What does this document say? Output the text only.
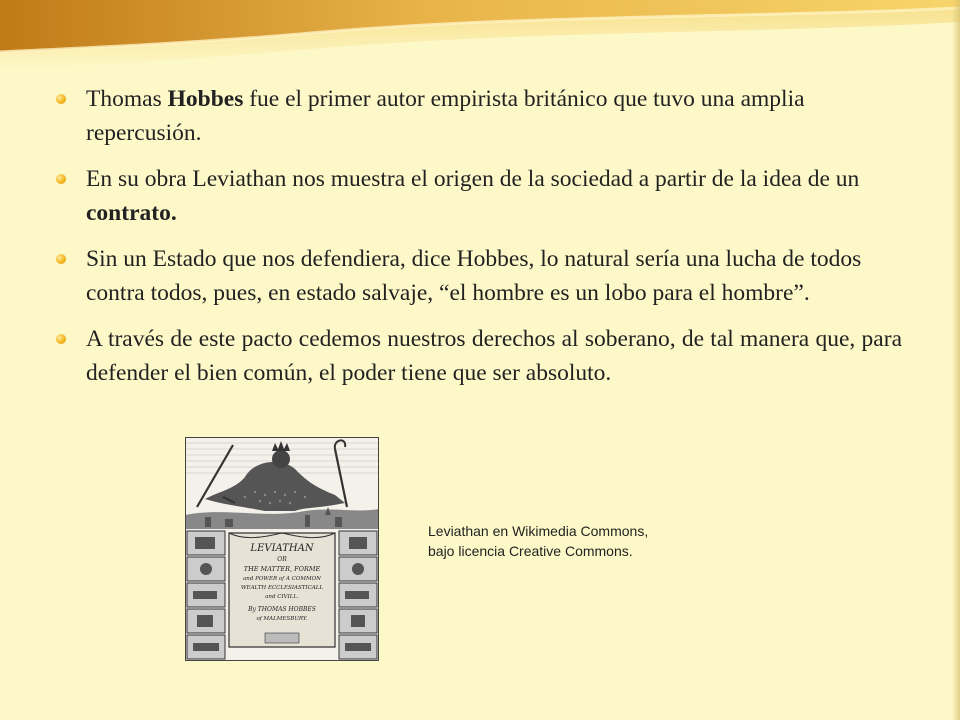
Thomas Hobbes fue el primer autor empirista británico que tuvo una amplia repercusión.
En su obra Leviathan nos muestra el origen de la sociedad a partir de la idea de un contrato.
Sin un Estado que nos defendiera, dice Hobbes, lo natural sería una lucha de todos contra todos, pues, en estado salvaje, “el hombre es un lobo para el hombre”.
A través de este pacto cedemos nuestros derechos al soberano, de tal manera que, para defender el bien común, el poder tiene que ser absoluto.
LEVIATHAN
OR
THE MATTER, FORME
and POWER of A COMMON
WEALTH ECCLESIASTICALL
and CIVILL.
By THOMAS HOBBES
of MALMESBURY.
Leviathan en Wikimedia Commons,
bajo licencia Creative Commons.
